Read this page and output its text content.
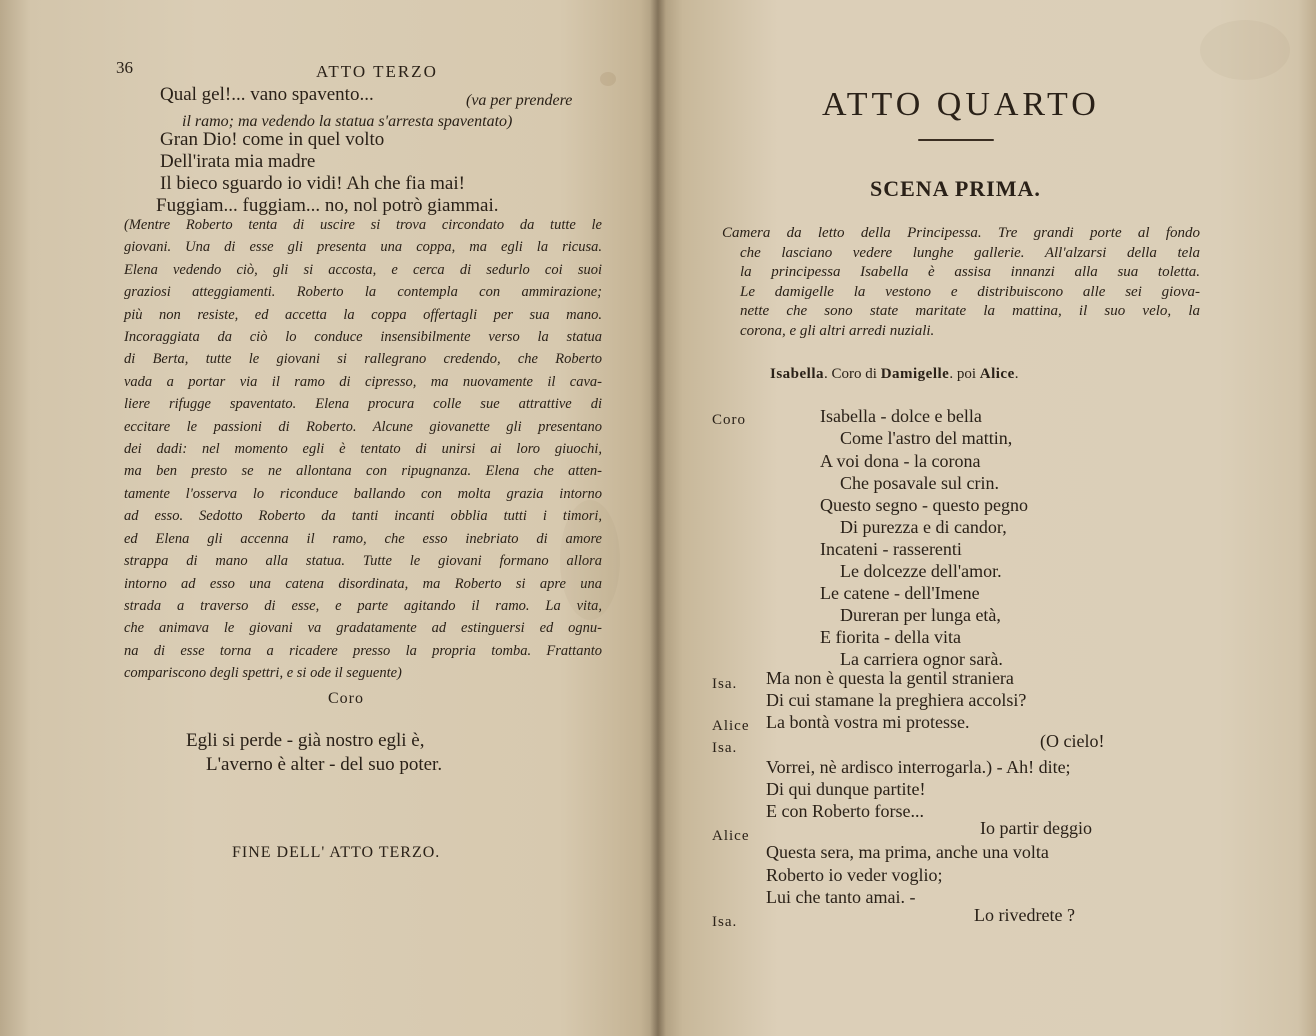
36	ATTO TERZO
Qual gel!... vano spavento...	(va per prendere
il ramo; ma vedendo la statua s'arresta spaventato)
Gran Dio! come in quel volto
Dell'irata mia madre
Il bieco sguardo io vidi! Ah che fia mai!
Fuggiam... fuggiam... no, nol potrò giammai.
(Mentre Roberto tenta di uscire si trova circondato da tutte le
giovani. Una di esse gli presenta una coppa, ma egli la ricusa.
Elena vedendo ciò, gli si accosta, e cerca di sedurlo coi suoi
graziosi atteggiamenti. Roberto la contempla con ammirazione;
più non resiste, ed accetta la coppa offertagli per sua mano.
Incoraggiata da ciò lo conduce insensibilmente verso la statua
di Berta, tutte le giovani si rallegrano credendo, che Roberto
vada a portar via il ramo di cipresso, ma nuovamente il cava-
liere rifugge spaventato. Elena procura colle sue attrattive di
eccitare le passioni di Roberto. Alcune giovanette gli presentano
dei dadi: nel momento egli è tentato di unirsi ai loro giuochi,
ma ben presto se ne allontana con ripugnanza. Elena che atten-
tamente l'osserva lo riconduce ballando con molta grazia intorno
ad esso. Sedotto Roberto da tanti incanti obblia tutti i timori,
ed Elena gli accenna il ramo, che esso inebriato di amore
strappa di mano alla statua. Tutte le giovani formano allora
intorno ad esso una catena disordinata, ma Roberto si apre una
strada a traverso di esse, e parte agitando il ramo. La vita,
che animava le giovani va gradatamente ad estinguersi ed ognu-
na di esse torna a ricadere presso la propria tomba. Frattanto
compariscono degli spettri, e si ode il seguente)
Coro
Egli si perde - già nostro egli è,
L'averno è alter - del suo poter.
FINE DELL' ATTO TERZO.
ATTO QUARTO
SCENA PRIMA.
Camera da letto della Principessa. Tre grandi porte al fondo
che lasciano vedere lunghe gallerie. All'alzarsi della tela
la principessa Isabella è assisa innanzi alla sua toletta.
Le damigelle la vestono e distribuiscono alle sei giova-
nette che sono state maritate la mattina, il suo velo, la
corona, e gli altri arredi nuziali.
Isabella. Coro di Damigelle. poi Alice.
Coro	Isabella - dolce e bella
Come l'astro del mattin,
A voi dona - la corona
Che posavale sul crin.
Questo segno - questo pegno
Di purezza e di candor,
Incateni - rasserenti
Le dolcezze dell'amor.
Le catene - dell'Imene
Dureran per lunga età,
E fiorita - della vita
La carriera ognor sarà.
Isa. Ma non è questa la gentil straniera
Di cui stamane la preghiera accolsi?
Alice La bontà vostra mi protesse.
Isa.	(O cielo!
Vorrei, nè ardisco interrogarla.) - Ah! dite;
Di qui dunque partite!
E con Roberto forse...
Alice	Io partir deggio
Questa sera, ma prima, anche una volta
Roberto io veder voglio;
Lui che tanto amai. -
Isa.	Lo rivedrete ?
